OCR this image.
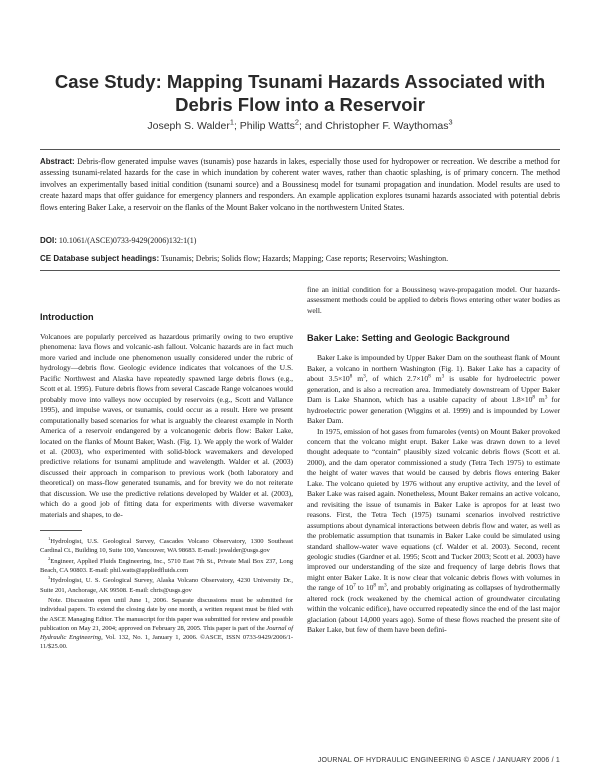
Case Study: Mapping Tsunami Hazards Associated with Debris Flow into a Reservoir
Joseph S. Walder$^1$; Philip Watts$^2$; and Christopher F. Waythomas$^3$

Abstract: Debris-flow generated impulse waves (tsunamis) pose hazards in lakes, especially those used for hydropower or recreation. We describe a method for assessing tsunami-related hazards for the case in which inundation by coherent water waves, rather than chaotic splashing, is of primary concern. The method involves an experimentally based initial condition (tsunami source) and a Boussinesq model for tsunami propagation and inundation. Model results are used to create hazard maps that offer guidance for emergency planners and responders. An example application explores tsunami hazards associated with potential debris flows entering Baker Lake, a reservoir on the flanks of the Mount Baker volcano in the northwestern United States.

DOI: 10.1061/(ASCE)0733-9429(2006)132:1(1)

CE Database subject headings: Tsunamis; Debris; Solids flow; Hazards; Mapping; Case reports; Reservoirs; Washington.

Introduction

Volcanoes are popularly perceived as hazardous primarily owing to two eruptive phenomena: lava flows and volcanic-ash fallout. Volcanic hazards are in fact much more varied and include one phenomenon usually considered under the rubric of hydrology—debris flow. Geologic evidence indicates that volcanoes of the U.S. Pacific Northwest and Alaska have repeatedly spawned large debris flows (e.g., Scott et al. 1995). Future debris flows from several Cascade Range volcanoes would probably move into valleys now occupied by reservoirs (e.g., Scott and Vallance 1995), and impulse waves, or tsunamis, could occur as a result. Here we present computationally based scenarios for what is arguably the clearest example in North America of a reservoir endangered by a volcanogenic debris flow: Baker Lake, located on the flanks of Mount Baker, Wash. (Fig. 1). We apply the work of Walder et al. (2003), who experimented with solid-block wavemakers and developed predictive relations for tsunami amplitude and wavelength. Walder et al. (2003) discussed their approach in comparison to previous work (both laboratory and theoretical) on mass-flow generated tsunamis, and for brevity we do not reiterate that discussion. We use the predictive relations developed by Walder et al. (2003), which do a good job of fitting data for experiments with diverse wavemaker materials and shapes, to de-

$^1$Hydrologist, U.S. Geological Survey, Cascades Volcano Observatory, 1300 Southeast Cardinal Ct., Building 10, Suite 100, Vancouver, WA 98683. E-mail: jswalder@usgs.gov

$^2$Engineer, Applied Fluids Engineering, Inc., 5710 East 7th St., Private Mail Box 237, Long Beach, CA 90803. E-mail: phil.watts@appliedfluids.com

$^3$Hydrologist, U. S. Geological Survey, Alaska Volcano Observatory, 4230 University Dr., Suite 201, Anchorage, AK 99508. E-mail: chris@usgs.gov

Note. Discussion open until June 1, 2006. Separate discussions must be submitted for individual papers. To extend the closing date by one month, a written request must be filed with the ASCE Managing Editor. The manuscript for this paper was submitted for review and possible publication on May 21, 2004; approved on February 28, 2005. This paper is part of the Journal of Hydraulic Engineering, Vol. 132, No. 1, January 1, 2006. ©ASCE, ISSN 0733-9429/2006/1-11/$25.00.

fine an initial condition for a Boussinesq wave-propagation model. Our hazards-assessment methods could be applied to debris flows entering other water bodies as well.

Baker Lake: Setting and Geologic Background

Baker Lake is impounded by Upper Baker Dam on the southeast flank of Mount Baker, a volcano in northern Washington (Fig. 1). Baker Lake has a capacity of about $3.5\times 10^8$ $m^3$, of which $2.7\times 10^8$ $m^3$ is usable for hydroelectric power generation, and is also a recreation area. Immediately downstream of Upper Baker Dam is Lake Shannon, which has a usable capacity of about $1.8\times 10^8$ $m^3$ for hydroelectric power generation (Wiggins et al. 1999) and is impounded by Lower Baker Dam.

In 1975, emission of hot gases from fumaroles (vents) on Mount Baker provoked concern that the volcano might erupt. Baker Lake was drawn down to a level thought adequate to “contain” plausibly sized volcanic debris flows (Scott et al. 2000), and the dam operator commissioned a study (Tetra Tech 1975) to estimate the height of water waves that would be caused by debris flows entering Baker Lake. The volcano quieted by 1976 without any eruptive activity, and the level of Baker Lake was raised again. Nonetheless, Mount Baker remains an active volcano, and revisiting the issue of tsunamis in Baker Lake is apropos for at least two reasons. First, the Tetra Tech (1975) tsunami scenarios involved restrictive assumptions about dynamical interactions between debris flow and water, as well as the problematic assumption that tsunamis in Baker Lake could be simulated using standard shallow-water wave equations (cf. Walder et al. 2003). Second, recent geologic studies (Gardner et al. 1995; Scott and Tucker 2003; Scott et al. 2003) have improved our understanding of the size and frequency of large debris flows that might enter Baker Lake. It is now clear that volcanic debris flows with volumes in the range of $10^7$ to $10^8$ $m^3$, and probably originating as collapses of hydrothermally altered rock (rock weakened by the chemical action of groundwater circulating within the volcanic edifice), have occurred repeatedly since the end of the last major glaciation (about 14,000 years ago). Some of these flows reached the present site of Baker Lake, but few of them have been defini-

JOURNAL OF HYDRAULIC ENGINEERING © ASCE / JANUARY 2006 / 1
